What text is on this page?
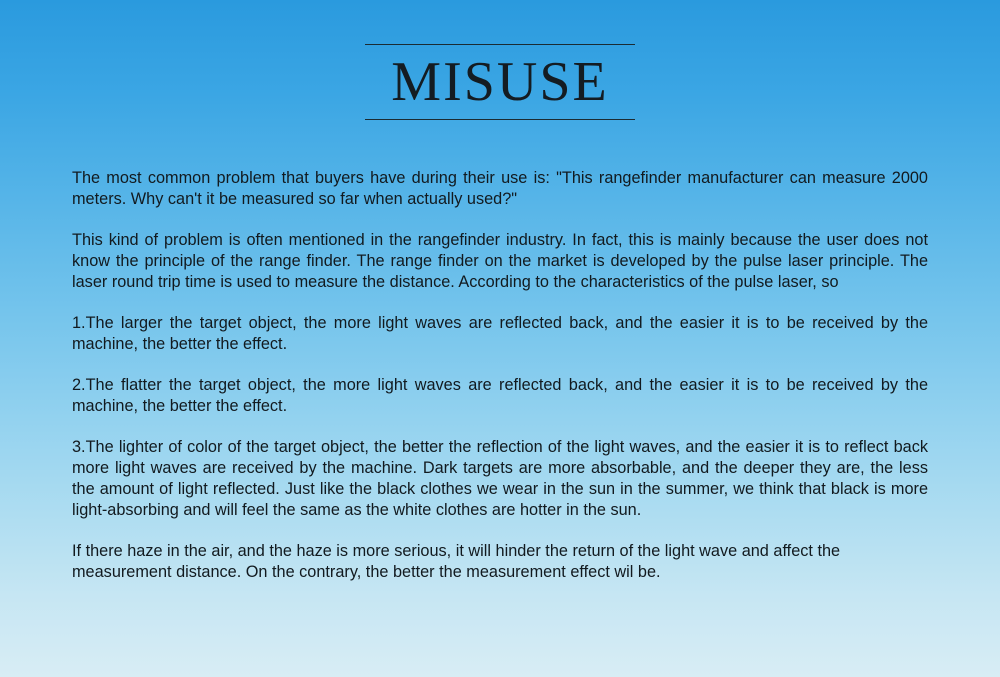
MISUSE

The most common problem that buyers have during their use is: "This rangefinder manufacturer can measure 2000 meters. Why can't it be measured so far when actually used?"

This kind of problem is often mentioned in the rangefinder industry. In fact, this is mainly because the user does not know the principle of the range finder. The range finder on the market is developed by the pulse laser principle. The laser round trip time is used to measure the distance. According to the characteristics of the pulse laser, so

1.The larger the target object, the more light waves are reflected back, and the easier it is to be received by the machine, the better the effect.

2.The flatter the target object, the more light waves are reflected back, and the easier it is to be received by the machine, the better the effect.

3.The lighter of color of the target object, the better the reflection of the light waves, and the easier it is to reflect back more light waves are received by the machine. Dark targets are more absorbable, and the deeper they are, the less the amount of light reflected. Just like the black clothes we wear in the sun in the summer, we think that black is more light-absorbing and will feel the same as the white clothes are hotter in the sun.

If there haze in the air, and the haze is more serious, it will hinder the return of the light wave and affect the measurement distance. On the contrary, the better the measurement effect wil be.
